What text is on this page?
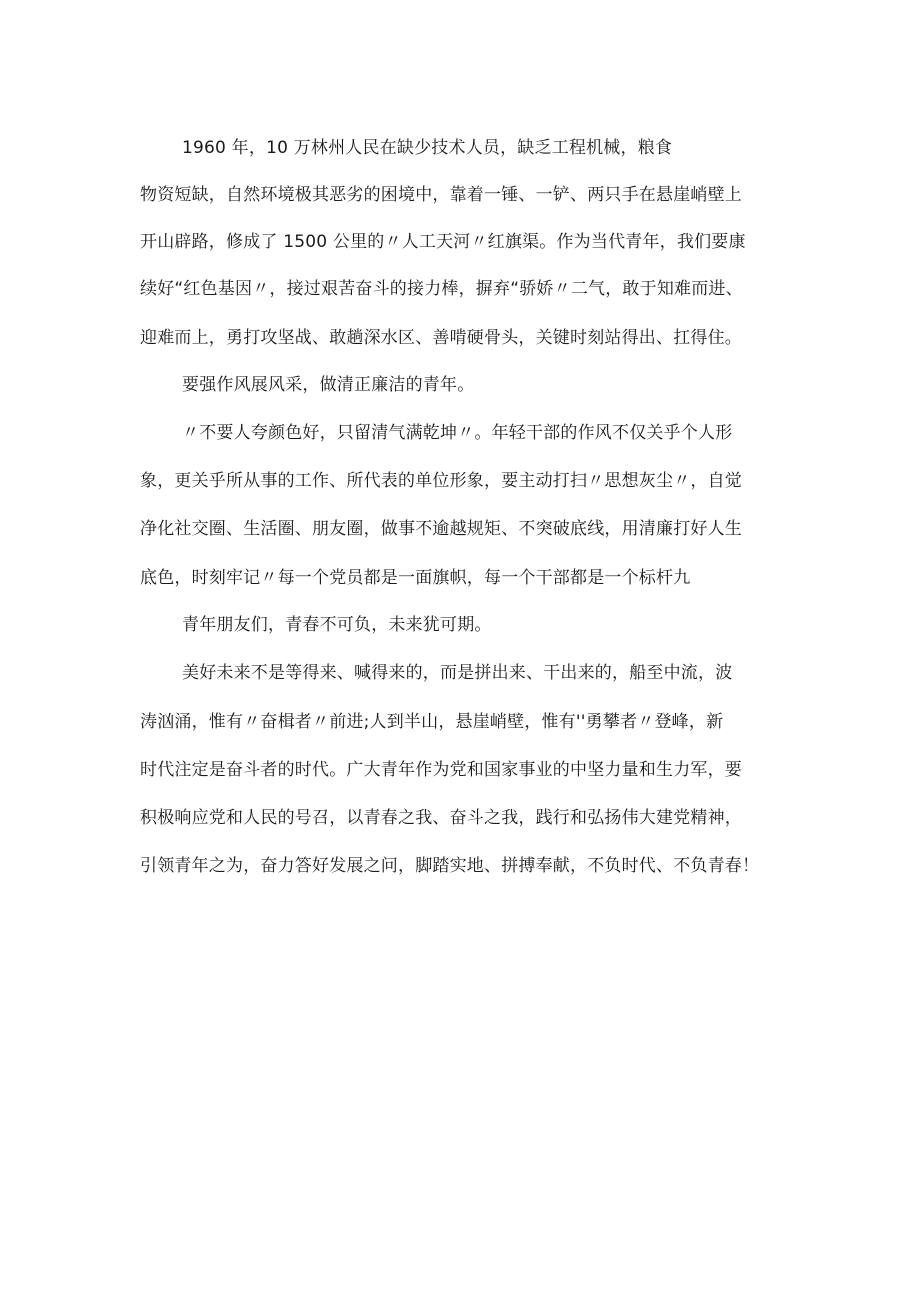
1960 年，10 万林州人民在缺少技术人员，缺乏工程机械，粮食
物资短缺，自然环境极其恶劣的困境中，靠着一锤、一铲、两只手在悬崖峭壁上
开山辟路，修成了 1500 公里的〃人工天河〃红旗渠。作为当代青年，我们要康
续好“红色基因〃，接过艰苦奋斗的接力棒，摒弃“骄娇〃二气，敢于知难而进、
迎难而上，勇打攻坚战、敢趟深水区、善啃硬骨头，关键时刻站得出、扛得住。
要强作风展风采，做清正廉洁的青年。
〃不要人夸颜色好，只留清气满乾坤〃。年轻干部的作风不仅关乎个人形
象，更关乎所从事的工作、所代表的单位形象，要主动打扫〃思想灰尘〃，自觉
净化社交圈、生活圈、朋友圈，做事不逾越规矩、不突破底线，用清廉打好人生
底色，时刻牢记〃每一个党员都是一面旗帜，每一个干部都是一个标杆九
青年朋友们，青春不可负，未来犹可期。
美好未来不是等得来、喊得来的，而是拼出来、干出来的，船至中流，波
涛汹涌，惟有〃奋楫者〃前进;人到半山，悬崖峭壁，惟有''勇攀者〃登峰，新
时代注定是奋斗者的时代。广大青年作为党和国家事业的中坚力量和生力军，要
积极响应党和人民的号召，以青春之我、奋斗之我，践行和弘扬伟大建党精神，
引领青年之为，奋力答好发展之问，脚踏实地、拼搏奉献，不负时代、不负青春！
